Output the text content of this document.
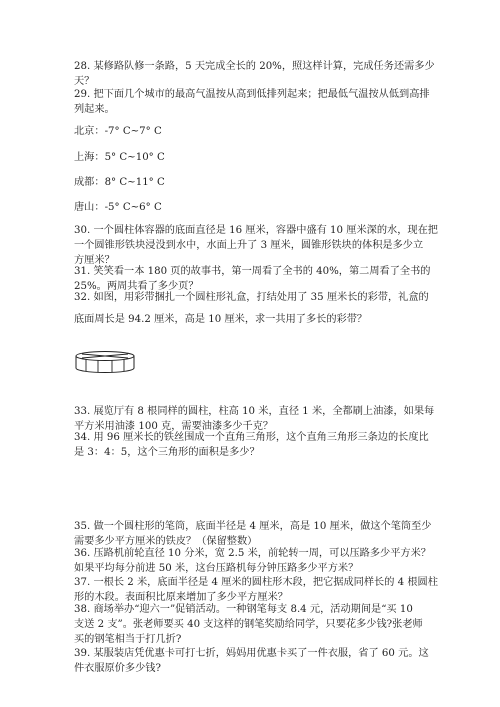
28. 某修路队修一条路，5 天完成全长的 20%，照这样计算，完成任务还需多少

天？

29. 把下面几个城市的最高气温按从高到低排列起来；把最低气温按从低到高排

列起来。

北京：-7° C~7° C
上海：5° C~10° C
成都：8° C~11° C
唐山：-5° C~6° C

30. 一个圆柱体容器的底面直径是 16 厘米，容器中盛有 10 厘米深的水，现在把

一个圆锥形铁块浸没到水中，水面上升了 3 厘米，圆锥形铁块的体积是多少立

方厘米？

31. 笑笑看一本 180 页的故事书，第一周看了全书的 40%，第二周看了全书的

25%。两周共看了多少页？

32. 如图，用彩带捆扎一个圆柱形礼盒，打结处用了 35 厘米长的彩带，礼盒的

底面周长是 94.2 厘米，高是 10 厘米，求一共用了多长的彩带？

33. 展览厅有 8 根同样的圆柱，柱高 10 米，直径 1 米，全都刷上油漆，如果每

平方米用油漆 100 克，需要油漆多少千克？

34. 用 96 厘米长的铁丝围成一个直角三角形，这个直角三角形三条边的长度比

是 3：4：5，这个三角形的面积是多少？

35. 做一个圆柱形的笔筒，底面半径是 4 厘米，高是 10 厘米，做这个笔筒至少

需要多少平方厘米的铁皮？（保留整数）

36. 压路机前轮直径 10 分米，宽 2.5 米，前轮转一周，可以压路多少平方米？

如果平均每分前进 50 米，这台压路机每分钟压路多少平方米？

37. 一根长 2 米，底面半径是 4 厘米的圆柱形木段，把它据成同样长的 4 根圆柱

形的木段。表面积比原来增加了多少平方厘米？

38. 商场举办“迎六一”促销活动。一种钢笔每支 8.4 元，活动期间是“买 10

支送 2 支”。张老师要买 40 支这样的钢笔奖励给同学，只要花多少钱?张老师

买的钢笔相当于打几折?

39. 某服装店凭优惠卡可打七折，妈妈用优惠卡买了一件衣服，省了 60 元。这

件衣服原价多少钱?
